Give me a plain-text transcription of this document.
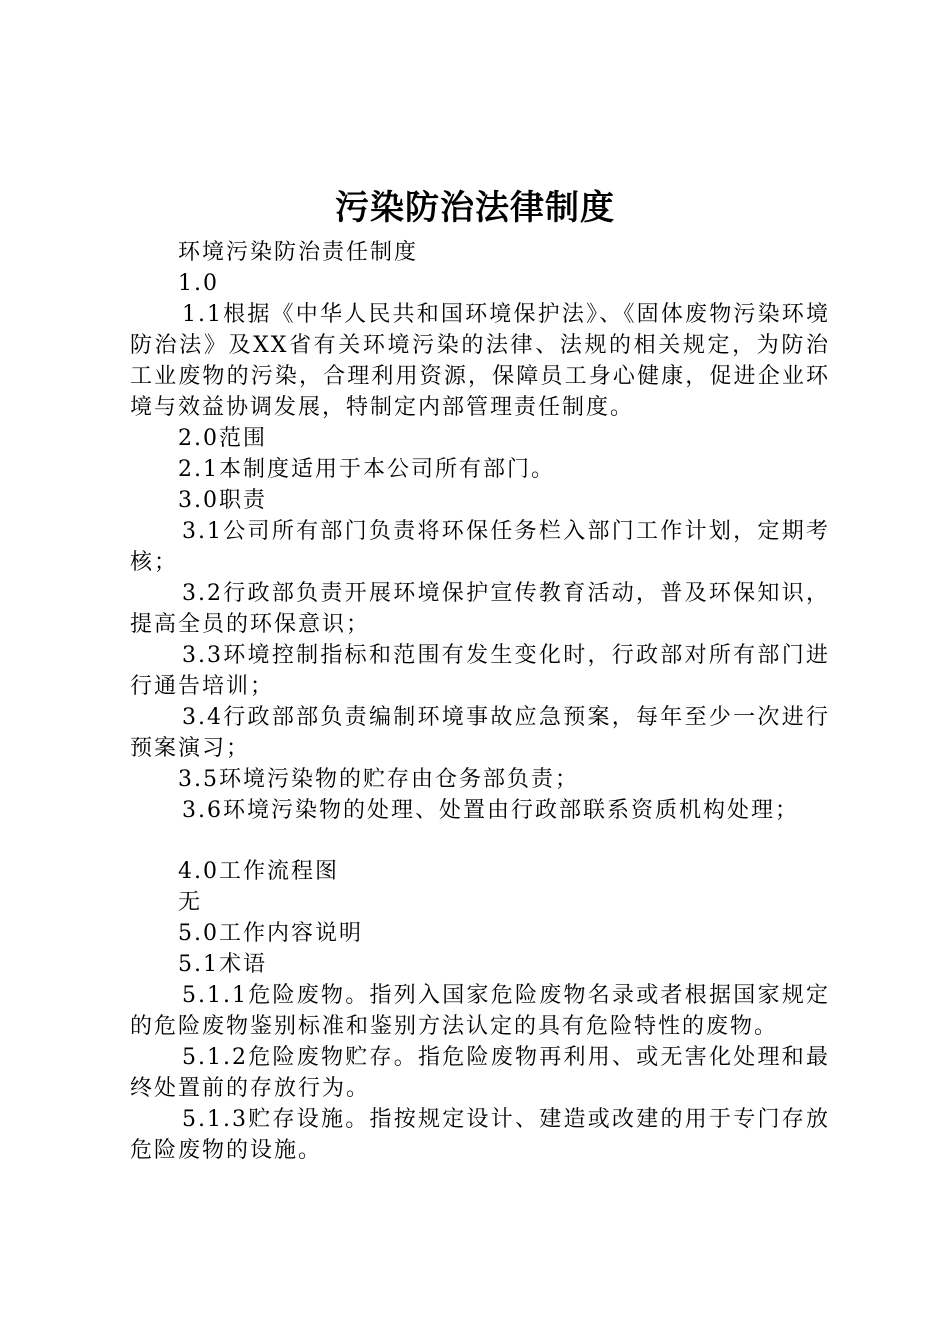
污染防治法律制度

环境污染防治责任制度

1.0

1.1根据《中华人民共和国环境保护法》、《固体废物污染环境防治法》及XX省有关环境污染的法律、法规的相关规定，为防治工业废物的污染，合理利用资源，保障员工身心健康，促进企业环境与效益协调发展，特制定内部管理责任制度。

2.0范围

2.1本制度适用于本公司所有部门。

3.0职责

3.1公司所有部门负责将环保任务栏入部门工作计划，定期考核；

3.2行政部负责开展环境保护宣传教育活动，普及环保知识，提高全员的环保意识；

3.3环境控制指标和范围有发生变化时，行政部对所有部门进行通告培训；

3.4行政部部负责编制环境事故应急预案，每年至少一次进行预案演习；

3.5环境污染物的贮存由仓务部负责；

3.6环境污染物的处理、处置由行政部联系资质机构处理；

4.0工作流程图

无

5.0工作内容说明

5.1术语

5.1.1危险废物。指列入国家危险废物名录或者根据国家规定的危险废物鉴别标准和鉴别方法认定的具有危险特性的废物。

5.1.2危险废物贮存。指危险废物再利用、或无害化处理和最终处置前的存放行为。

5.1.3贮存设施。指按规定设计、建造或改建的用于专门存放危险废物的设施。
